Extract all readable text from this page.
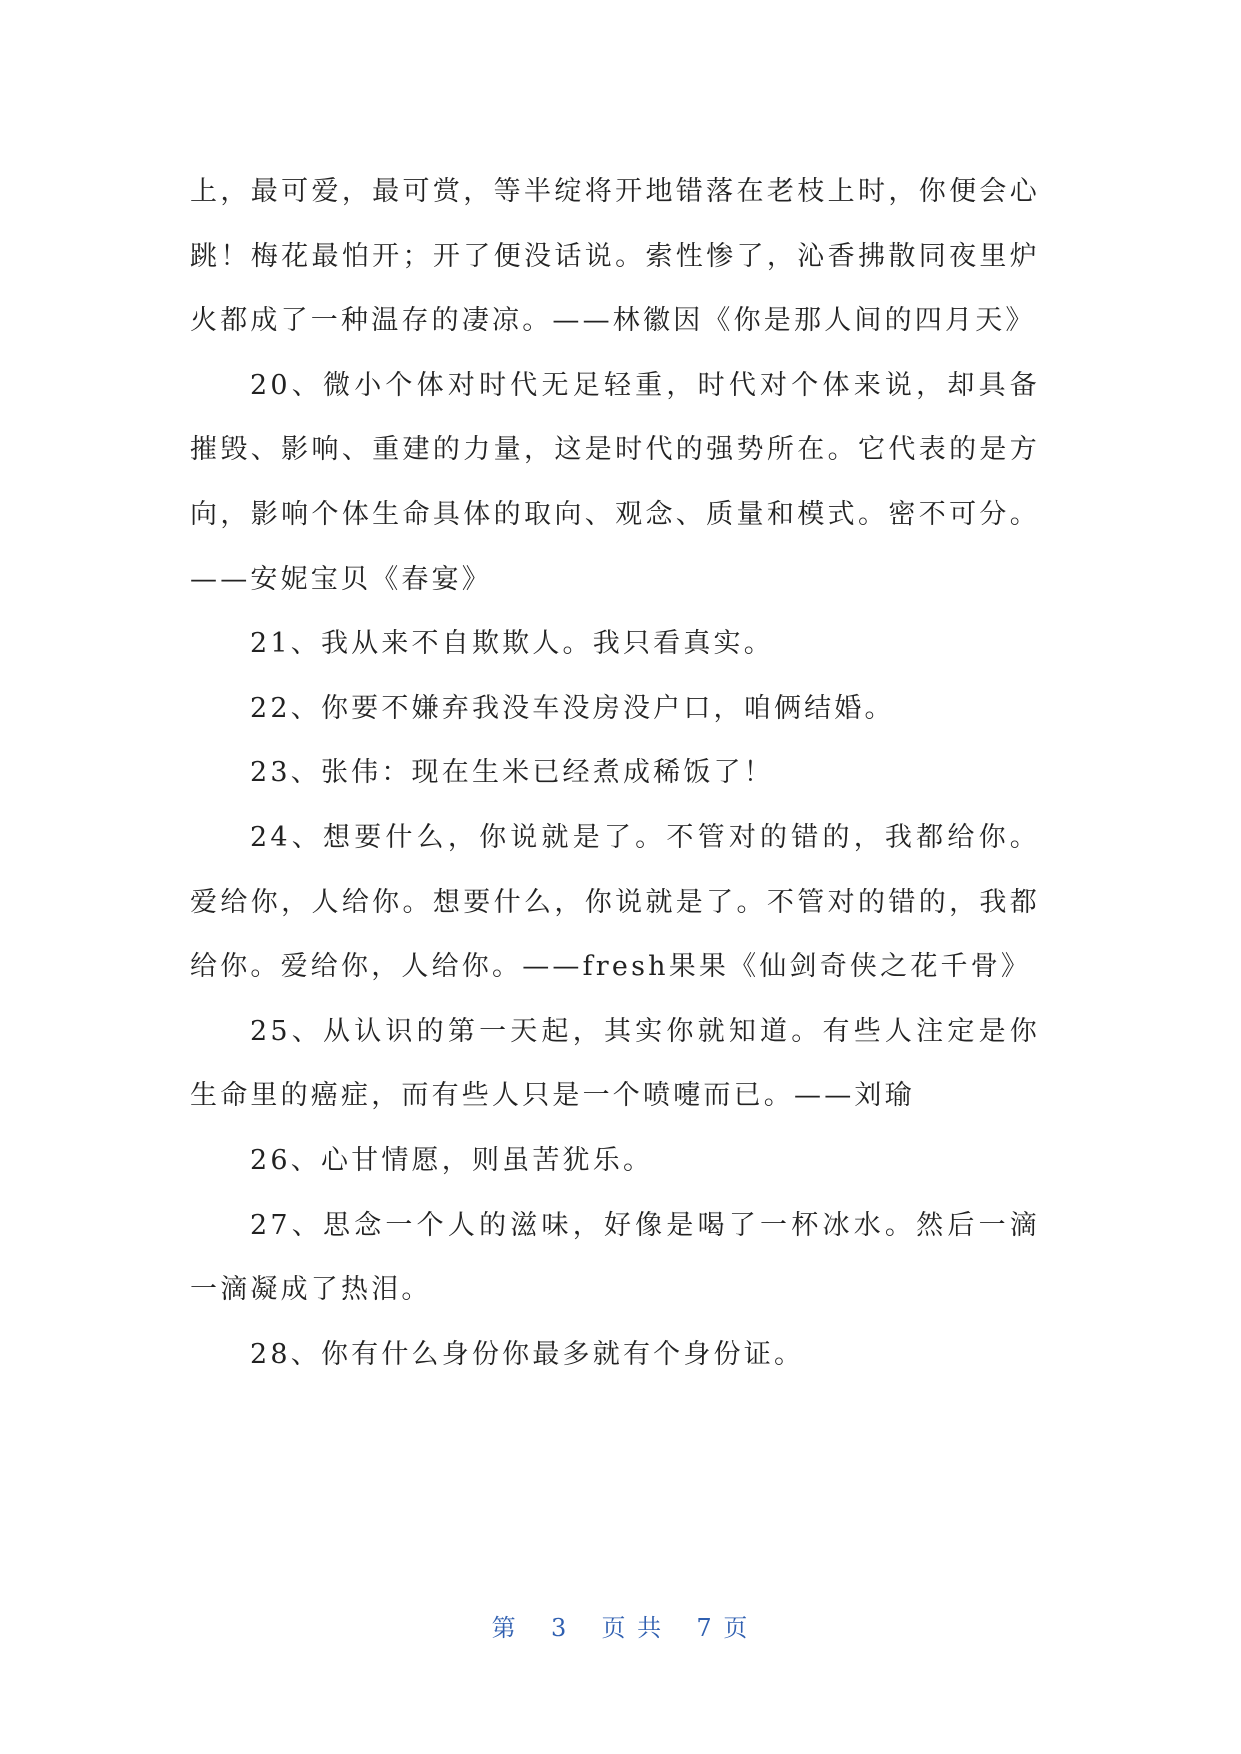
上，最可爱，最可赏，等半绽将开地错落在老枝上时，你便会心跳！梅花最怕开；开了便没话说。索性惨了，沁香拂散同夜里炉火都成了一种温存的凄凉。——林徽因《你是那人间的四月天》

20、微小个体对时代无足轻重，时代对个体来说，却具备摧毁、影响、重建的力量，这是时代的强势所在。它代表的是方向，影响个体生命具体的取向、观念、质量和模式。密不可分。——安妮宝贝《春宴》

21、我从来不自欺欺人。我只看真实。

22、你要不嫌弃我没车没房没户口，咱俩结婚。

23、张伟：现在生米已经煮成稀饭了！

24、想要什么，你说就是了。不管对的错的，我都给你。爱给你，人给你。想要什么，你说就是了。不管对的错的，我都给你。爱给你，人给你。——fresh果果《仙剑奇侠之花千骨》

25、从认识的第一天起，其实你就知道。有些人注定是你生命里的癌症，而有些人只是一个喷嚏而已。——刘瑜

26、心甘情愿，则虽苦犹乐。

27、思念一个人的滋味，好像是喝了一杯冰水。然后一滴一滴凝成了热泪。

28、你有什么身份你最多就有个身份证。

第 3 页 共 7 页
